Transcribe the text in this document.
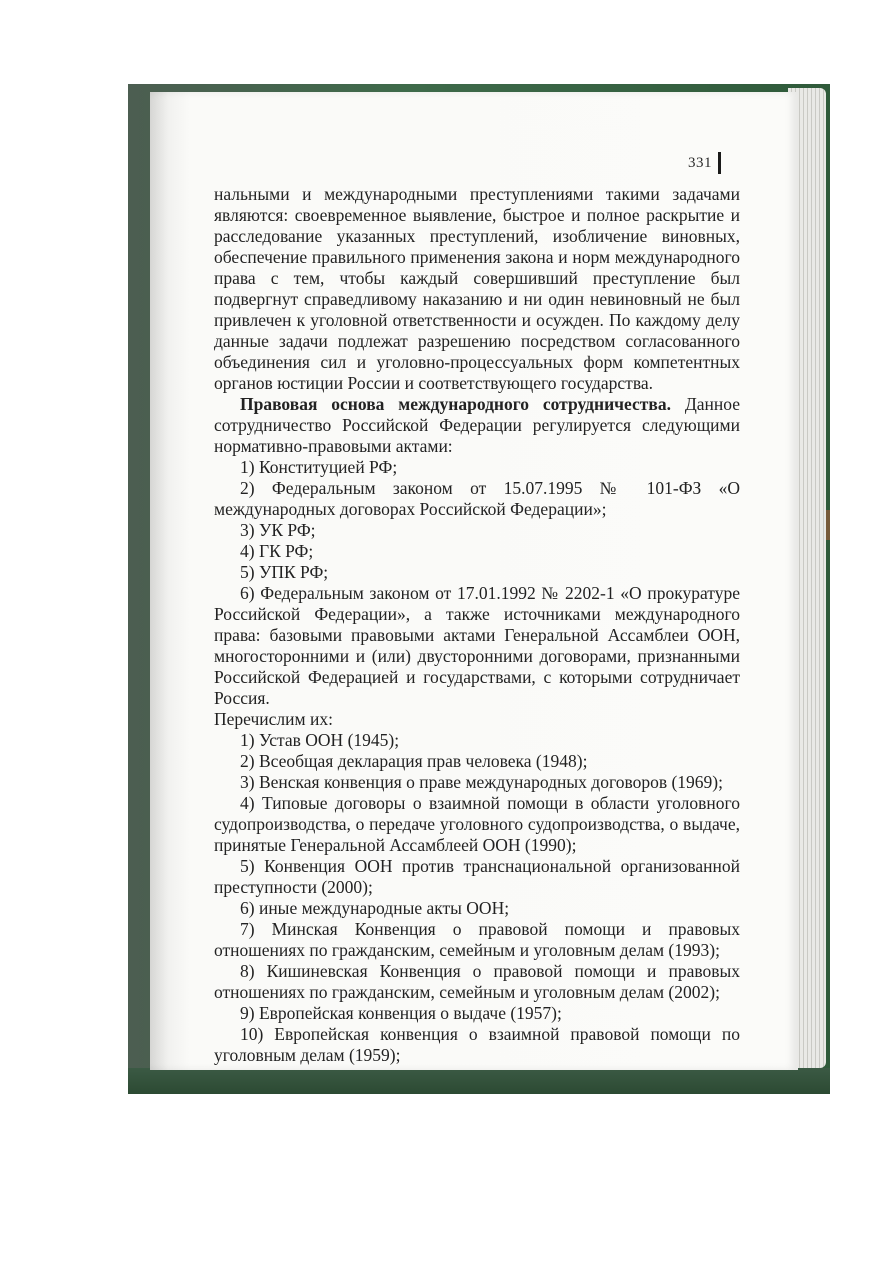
331

нальными и международными преступлениями такими задачами являются: своевременное выявление, быстрое и полное раскрытие и расследование указанных преступлений, изобличение виновных, обеспечение правильного применения закона и норм международного права с тем, чтобы каждый совершивший преступление был подвергнут справедливому наказанию и ни один невиновный не был привлечен к уголовной ответственности и осужден. По каждому делу данные задачи подлежат разрешению посредством согласованного объединения сил и уголовно-процессуальных форм компетентных органов юстиции России и соответствующего государства.

Правовая основа международного сотрудничества. Данное сотрудничество Российской Федерации регулируется следующими нормативно-правовыми актами:

1) Конституцией РФ;

2) Федеральным законом от 15.07.1995 № 101-ФЗ «О международных договорах Российской Федерации»;

3) УК РФ;

4) ГК РФ;

5) УПК РФ;

6) Федеральным законом от 17.01.1992 № 2202-1 «О прокуратуре Российской Федерации», а также источниками международного права: базовыми правовыми актами Генеральной Ассамблеи ООН, многосторонними и (или) двусторонними договорами, признанными Российской Федерацией и государствами, с которыми сотрудничает Россия.

Перечислим их:

1) Устав ООН (1945);

2) Всеобщая декларация прав человека (1948);

3) Венская конвенция о праве международных договоров (1969);

4) Типовые договоры о взаимной помощи в области уголовного судопроизводства, о передаче уголовного судопроизводства, о выдаче, принятые Генеральной Ассамблеей ООН (1990);

5) Конвенция ООН против транснациональной организованной преступности (2000);

6) иные международные акты ООН;

7) Минская Конвенция о правовой помощи и правовых отношениях по гражданским, семейным и уголовным делам (1993);

8) Кишиневская Конвенция о правовой помощи и правовых отношениях по гражданским, семейным и уголовным делам (2002);

9) Европейская конвенция о выдаче (1957);

10) Европейская конвенция о взаимной правовой помощи по уголовным делам (1959);
